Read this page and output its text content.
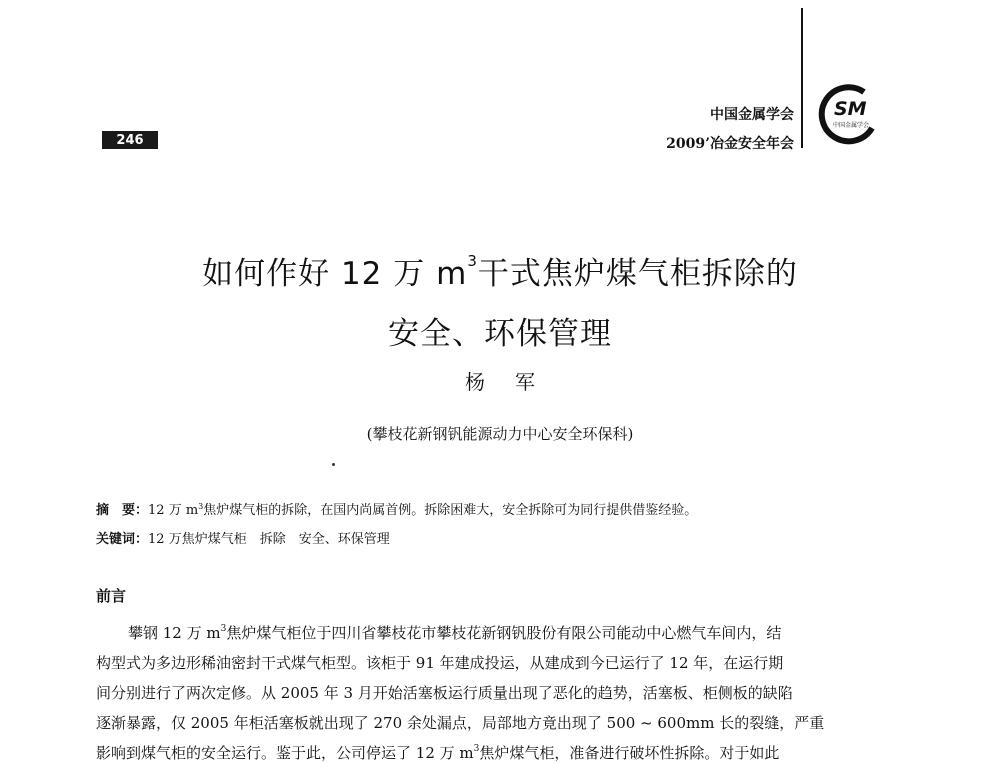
246
中国金属学会
2009’冶金安全年会
SM
中国金属学会
如何作好 12 万 $m^3$干式焦炉煤气柜拆除的
安全、环保管理
杨军
(攀枝花新钢钒能源动力中心安全环保科)
摘　要：12 万 $m^3$焦炉煤气柜的拆除，在国内尚属首例。拆除困难大，安全拆除可为同行提供借鉴经验。
关键词：12 万焦炉煤气柜　拆除　安全、环保管理
前言
攀钢 12 万 $m^3$焦炉煤气柜位于四川省攀枝花市攀枝花新钢钒股份有限公司能动中心燃气车间内，结
构型式为多边形稀油密封干式煤气柜型。该柜于 91 年建成投运，从建成到今已运行了 12 年，在运行期
间分别进行了两次定修。从 2005 年 3 月开始活塞板运行质量出现了恶化的趋势，活塞板、柜侧板的缺陷
逐渐暴露，仅 2005 年柜活塞板就出现了 270 余处漏点，局部地方竟出现了 500 ~ 600mm 长的裂缝，严重
影响到煤气柜的安全运行。鉴于此，公司停运了 12 万 $m^3$焦炉煤气柜，准备进行破坏性拆除。对于如此
